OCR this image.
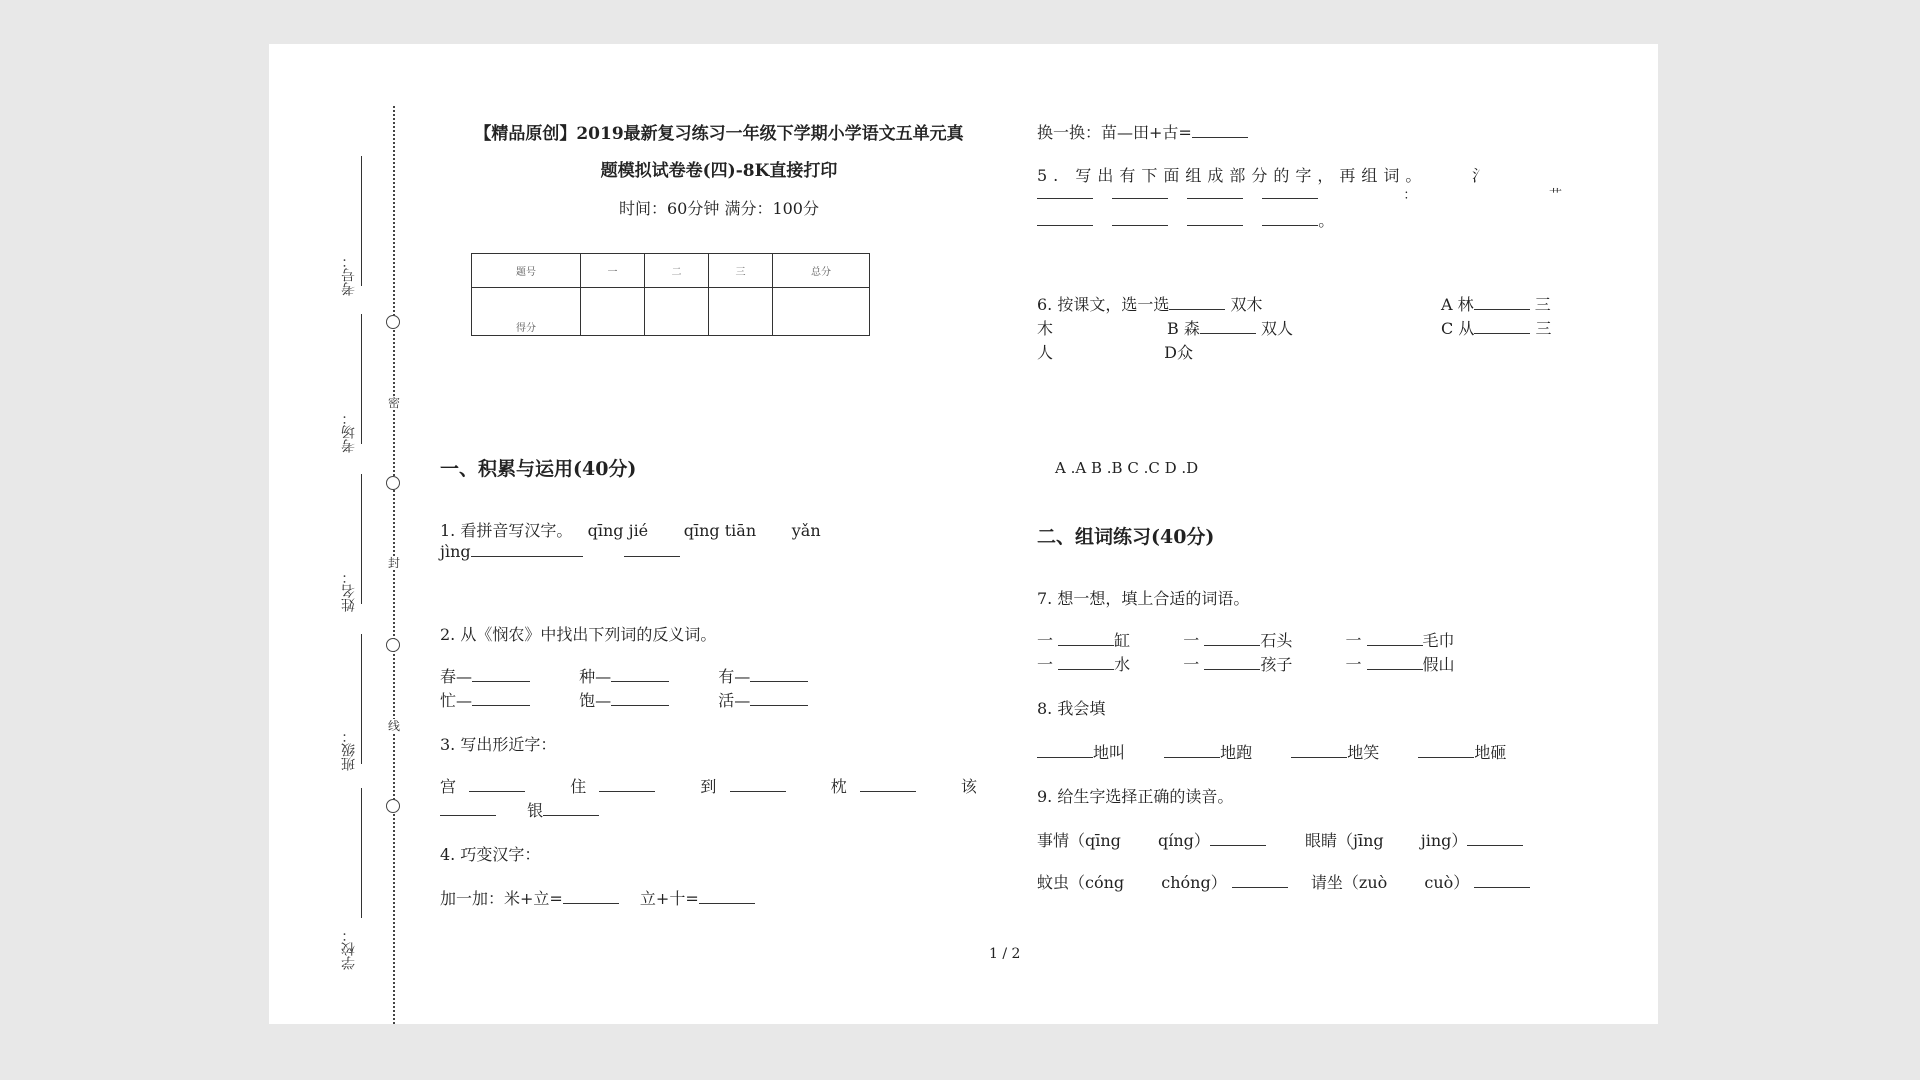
密
封
线
考号：
考场：
姓名：
班级：
学校：
【精品原创】2019最新复习练习一年级下学期小学语文五单元真
题模拟试卷卷(四)-8K直接打印
时间：60分钟 满分：100分
题号	一	二	三	总分
得分				
一、积累与运用(40分)
1. 看拼音写汉字。   qīng jié       qīng tiān       yǎn
jìng
2. 从《悯农》中找出下列词的反义词。
春—	种—	有—
忙—	饱—	活—
3. 写出形近字：
宫	住	到	枕	该
银
4. 巧变汉字：
加一加：米+立=	立+十=
1 / 2
换一换：苗—田+古=
5. 写出有下面组成部分的字，再组词。	氵
艹
：
。
6. 按课文，选一选	双木	A 林	三
木	B 森	双人	C 从	三
人	D众
A .A B .B C .C D .D
二、组词练习(40分)
7. 想一想，填上合适的词语。
一	缸	一	石头	一	毛巾
一	水	一	孩子	一	假山
8. 我会填
地叫	地跑	地笑	地砸
9. 给生字选择正确的读音。
事情（qīng qíng）	眼睛（jīng jing）
蚊虫（cóng chóng）	请坐（zuò cuò）
